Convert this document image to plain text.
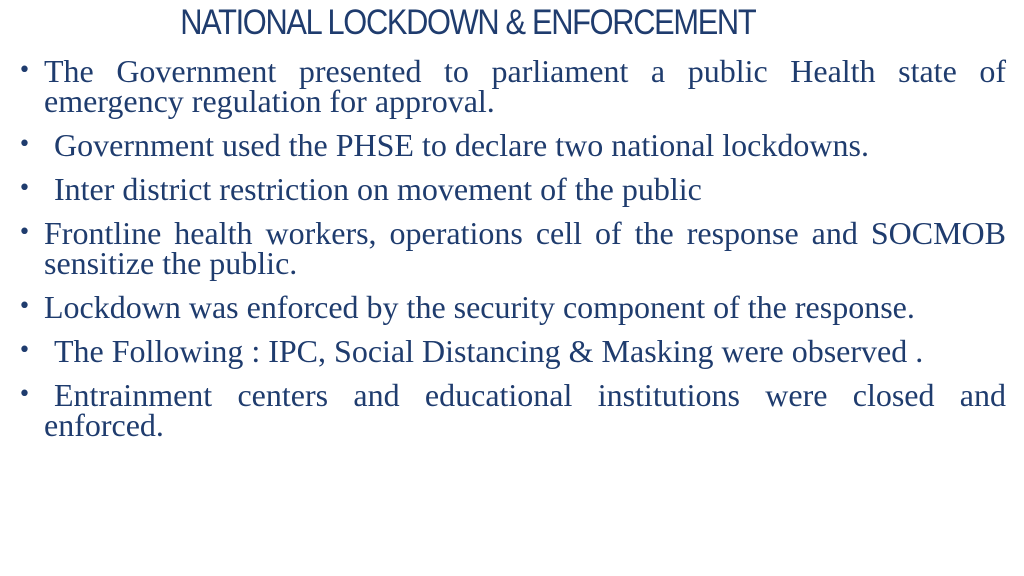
NATIONAL LOCKDOWN & ENFORCEMENT
• The Government presented to parliament a public Health state of emergency regulation for approval.
• Government used the PHSE to declare two national lockdowns.
• Inter district restriction on movement of the public
• Frontline health workers, operations cell of the response and SOCMOB sensitize the public.
• Lockdown was enforced by the security component of the response.
• The Following : IPC, Social Distancing & Masking were observed .
• Entrainment centers and educational institutions were closed and enforced.
